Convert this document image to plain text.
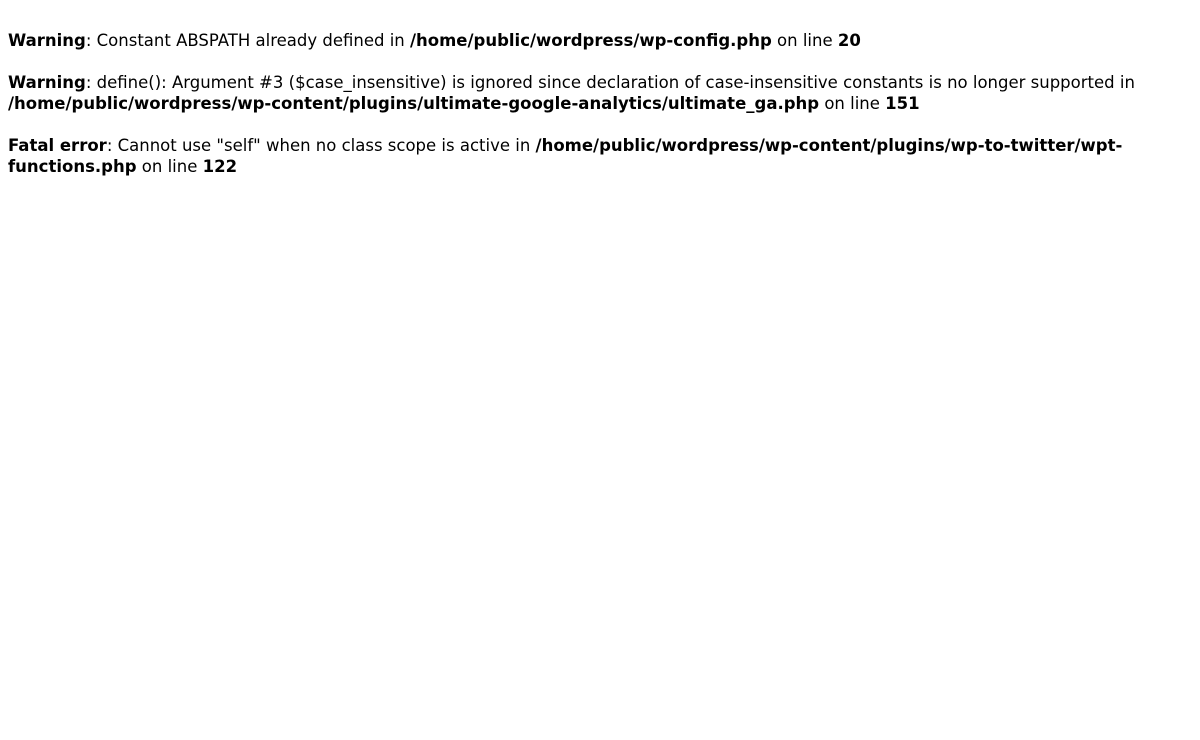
Warning: Constant ABSPATH already defined in /home/public/wordpress/wp-config.php on line 20
Warning: define(): Argument #3 ($case_insensitive) is ignored since declaration of case-insensitive constants is no longer supported in /home/public/wordpress/wp-content/plugins/ultimate-google-analytics/ultimate_ga.php on line 151
Fatal error: Cannot use "self" when no class scope is active in /home/public/wordpress/wp-content/plugins/wp-to-twitter/wpt-functions.php on line 122
